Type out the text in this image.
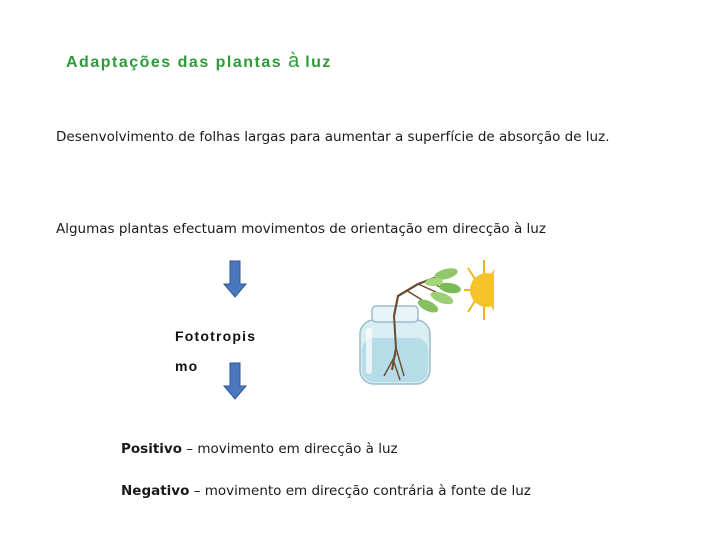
Adaptações das plantas à luz
Desenvolvimento de folhas largas para aumentar a superfície de absorção de luz.
Algumas plantas efectuam movimentos de orientação em direcção à luz
Fototropis
mo
Positivo – movimento em direcção à luz
Negativo – movimento em direcção contrária à fonte de luz
